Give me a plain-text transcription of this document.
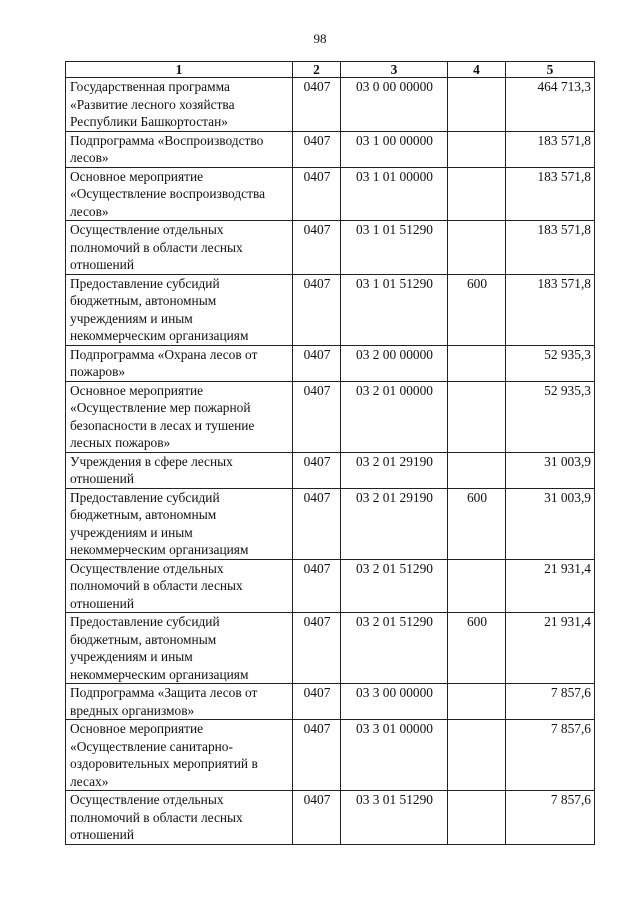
98
1	2	3	4	5
Государственная программа «Развитие лесного хозяйства Республики Башкортостан»	0407	03 0 00 00000		464 713,3
Подпрограмма «Воспроизводство лесов»	0407	03 1 00 00000		183 571,8
Основное мероприятие «Осуществление воспроизводства лесов»	0407	03 1 01 00000		183 571,8
Осуществление отдельных полномочий в области лесных отношений	0407	03 1 01 51290		183 571,8
Предоставление субсидий бюджетным, автономным учреждениям и иным некоммерческим организациям	0407	03 1 01 51290	600	183 571,8
Подпрограмма «Охрана лесов от пожаров»	0407	03 2 00 00000		52 935,3
Основное мероприятие «Осуществление мер пожарной безопасности в лесах и тушение лесных пожаров»	0407	03 2 01 00000		52 935,3
Учреждения в сфере лесных отношений	0407	03 2 01 29190		31 003,9
Предоставление субсидий бюджетным, автономным учреждениям и иным некоммерческим организациям	0407	03 2 01 29190	600	31 003,9
Осуществление отдельных полномочий в области лесных отношений	0407	03 2 01 51290		21 931,4
Предоставление субсидий бюджетным, автономным учреждениям и иным некоммерческим организациям	0407	03 2 01 51290	600	21 931,4
Подпрограмма «Защита лесов от вредных организмов»	0407	03 3 00 00000		7 857,6
Основное мероприятие «Осуществление санитарно-оздоровительных мероприятий в лесах»	0407	03 3 01 00000		7 857,6
Осуществление отдельных полномочий в области лесных отношений	0407	03 3 01 51290		7 857,6
